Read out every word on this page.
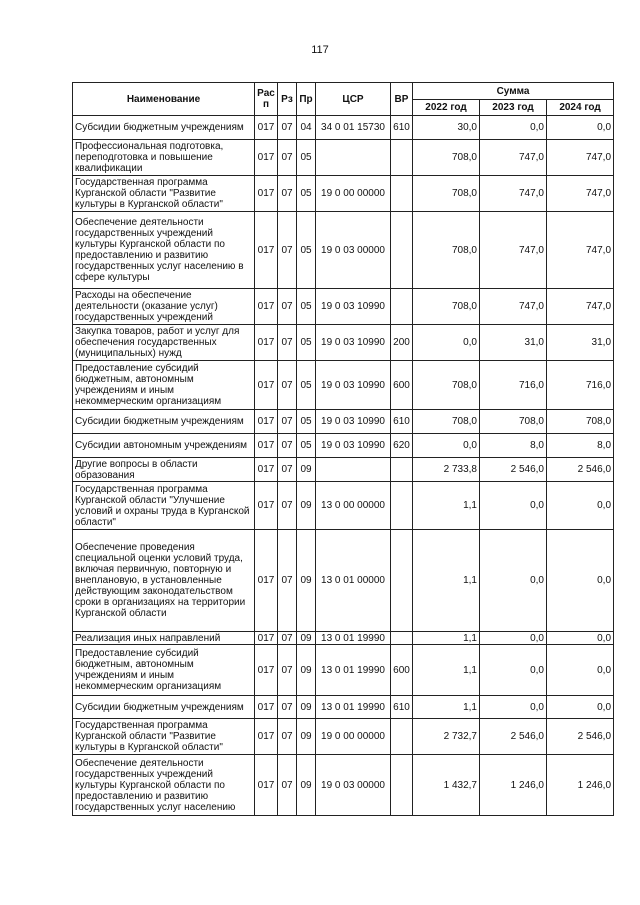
117
Наименование	Рас п	Рз	Пр	ЦСР	ВР	Сумма		
						2022 год	2023 год	2024 год
Субсидии бюджетным учреждениям	017	07	04	34 0 01 15730	610	30,0	0,0	0,0
Профессиональная подготовка, переподготовка и повышение квалификации	017	07	05			708,0	747,0	747,0
Государственная программа Курганской области "Развитие культуры в Курганской области"	017	07	05	19 0 00 00000		708,0	747,0	747,0
Обеспечение деятельности государственных учреждений культуры Курганской области по предоставлению и развитию государственных услуг населению в сфере культуры	017	07	05	19 0 03 00000		708,0	747,0	747,0
Расходы на обеспечение деятельности (оказание услуг) государственных учреждений	017	07	05	19 0 03 10990		708,0	747,0	747,0
Закупка товаров, работ и услуг для обеспечения государственных (муниципальных) нужд	017	07	05	19 0 03 10990	200	0,0	31,0	31,0
Предоставление субсидий бюджетным, автономным учреждениям и иным некоммерческим организациям	017	07	05	19 0 03 10990	600	708,0	716,0	716,0
Субсидии бюджетным учреждениям	017	07	05	19 0 03 10990	610	708,0	708,0	708,0
Субсидии автономным учреждениям	017	07	05	19 0 03 10990	620	0,0	8,0	8,0
Другие вопросы в области образования	017	07	09			2 733,8	2 546,0	2 546,0
Государственная программа Курганской области "Улучшение условий и охраны труда в Курганской области"	017	07	09	13 0 00 00000		1,1	0,0	0,0
Обеспечение проведения специальной оценки условий труда, включая первичную, повторную и внеплановую, в установленные действующим законодательством сроки в организациях на территории Курганской области	017	07	09	13 0 01 00000		1,1	0,0	0,0
Реализация иных направлений	017	07	09	13 0 01 19990		1,1	0,0	0,0
Предоставление субсидий бюджетным, автономным учреждениям и иным некоммерческим организациям	017	07	09	13 0 01 19990	600	1,1	0,0	0,0
Субсидии бюджетным учреждениям	017	07	09	13 0 01 19990	610	1,1	0,0	0,0
Государственная программа Курганской области "Развитие культуры в Курганской области"	017	07	09	19 0 00 00000		2 732,7	2 546,0	2 546,0
Обеспечение деятельности государственных учреждений культуры Курганской области по предоставлению и развитию государственных услуг населению	017	07	09	19 0 03 00000		1 432,7	1 246,0	1 246,0
